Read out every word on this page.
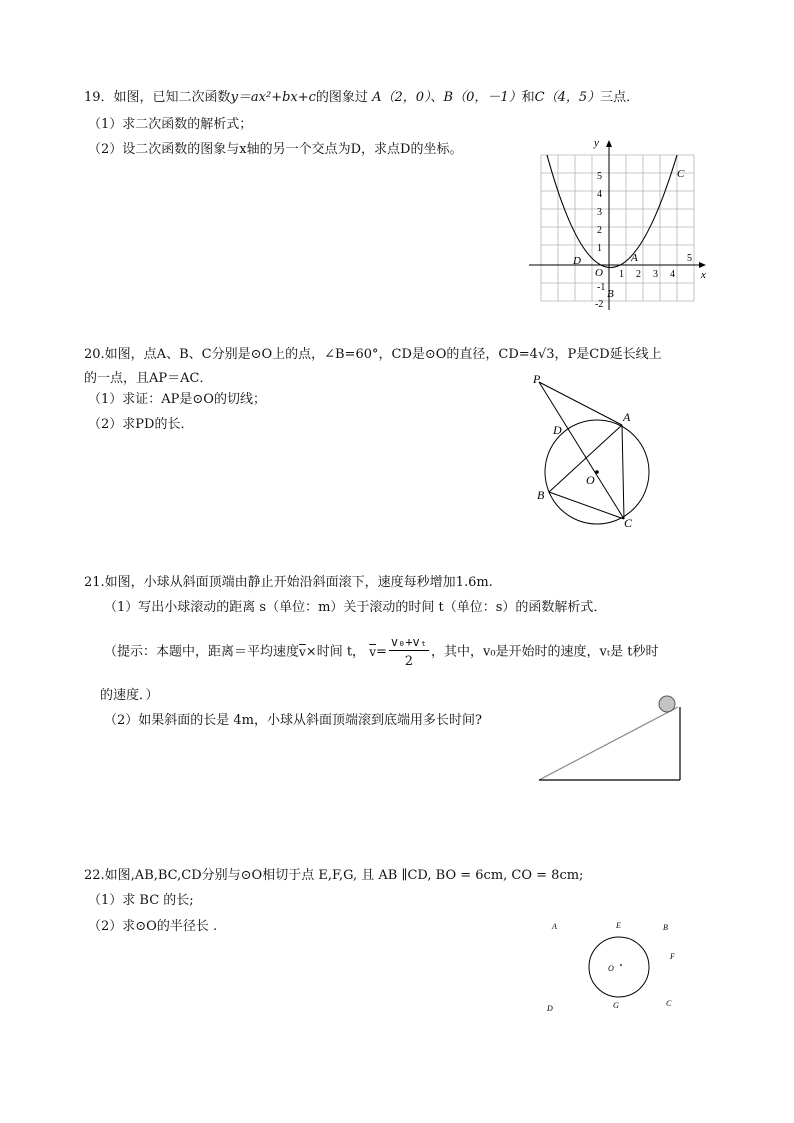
19．如图，已知二次函数y＝ax²+bx+c的图象过 A（2，0）、B（0，－1）和C（4，5）三点．
（1）求二次函数的解析式；
（2）设二次函数的图象与x轴的另一个交点为D，求点D的坐标。
x
y
O 1 2 3 4
5
-1
5
4
3
2
1
-2
C
A
D
B
20.如图，点A、B、C分别是⊙O上的点，∠B=60°，CD是⊙O的直径，CD=4√3，P是CD延长线上
的一点，且AP＝AC．
（1）求证：AP是⊙O的切线；
（2）求PD的长．
P
A
D
O
B
C
21.如图，小球从斜面顶端由静止开始沿斜面滚下，速度每秒增加1.6m.
（1）写出小球滚动的距离 s（单位：m）关于滚动的时间 t（单位：s）的函数解析式．
（提示：本题中，距离＝平均速度$\overline{v}\times$时间 t， $\overline{v}= \frac{\text{v₀+vₜ}}{2}$ ，其中，v₀是开始时的速度，vₜ是 t秒时
的速度．）
（2）如果斜面的长是 4m，小球从斜面顶端滚到底端用多长时间?
22.如图,AB,BC,CD分别与⊙O相切于点 E,F,G, 且 AB ∥CD, BO = 6cm, CO = 8cm;
（1）求 BC 的长;
（2）求⊙O的半径长 .	A	E	B
F
O
D	G	C
